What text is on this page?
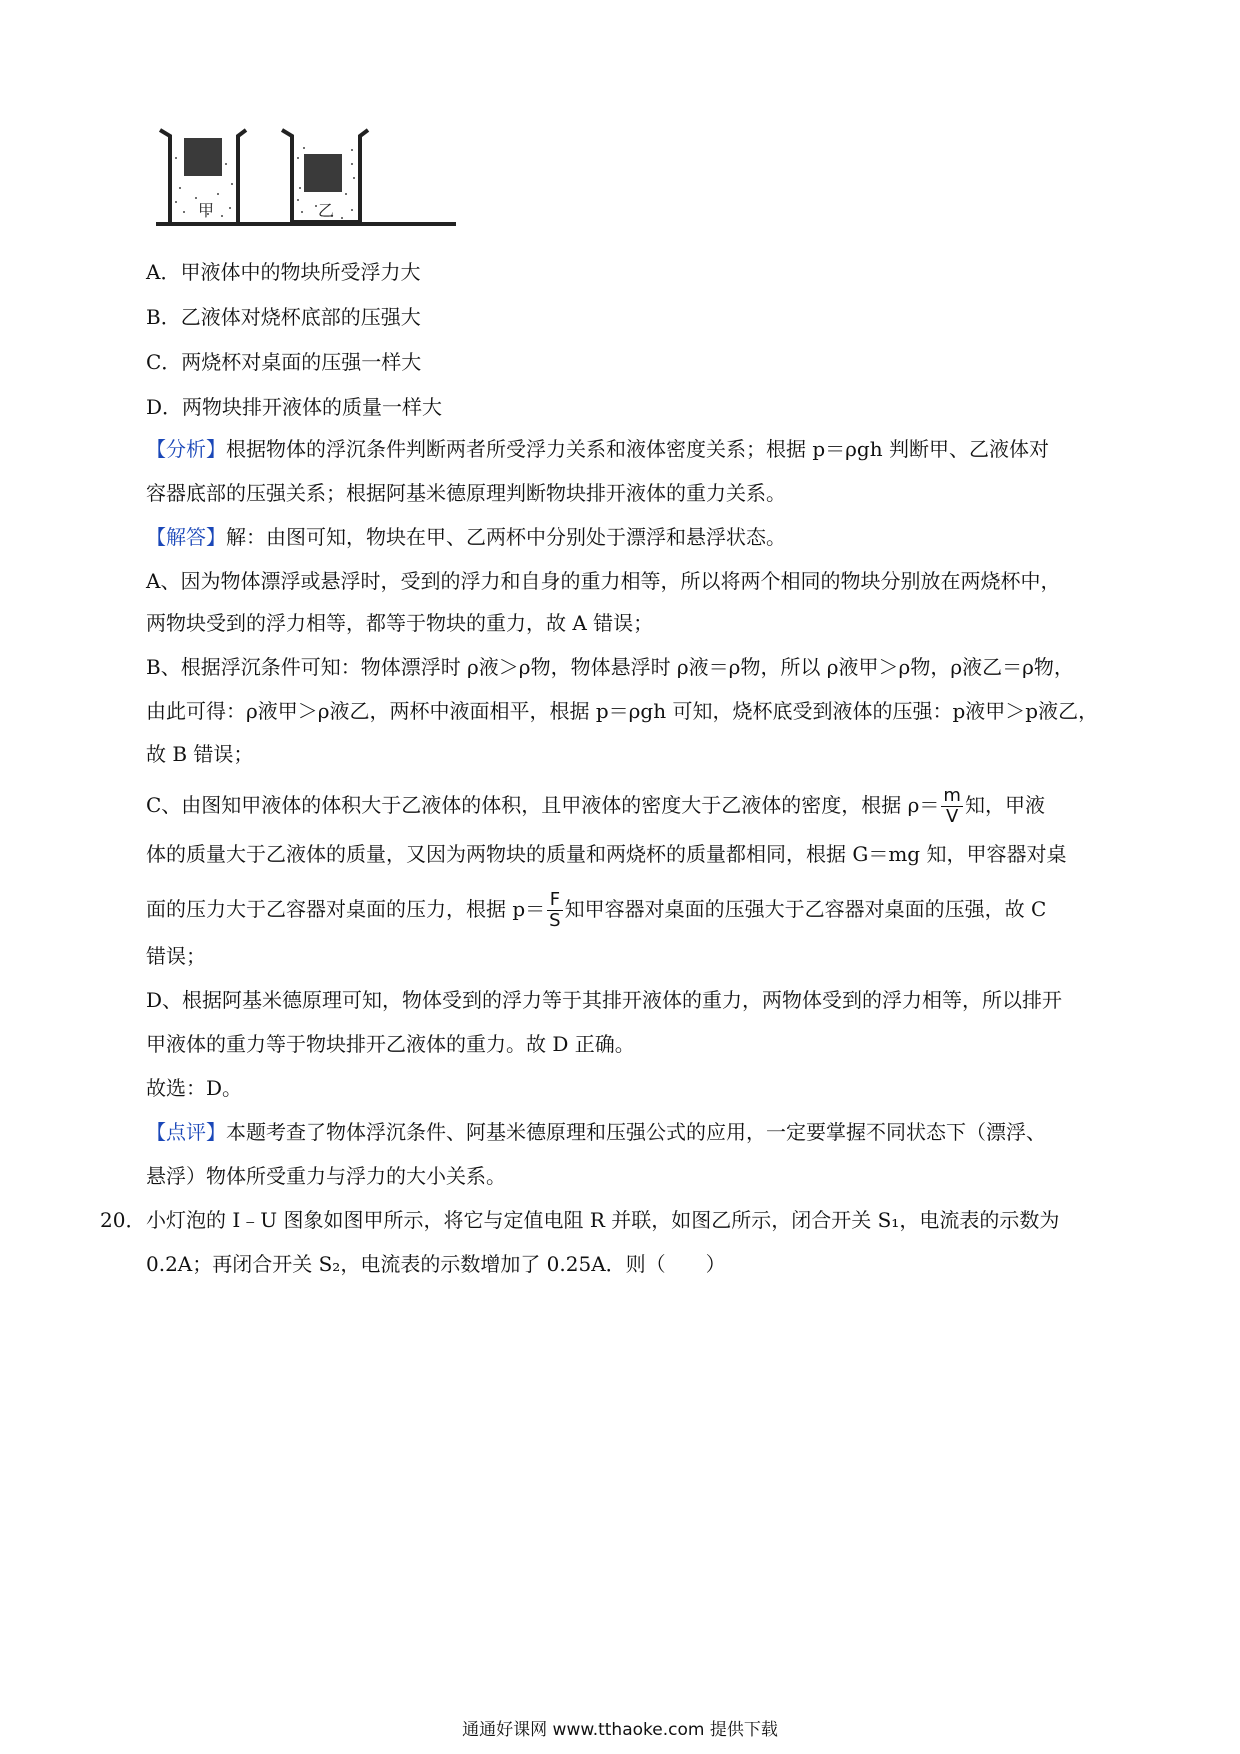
甲	乙
A．甲液体中的物块所受浮力大
B．乙液体对烧杯底部的压强大
C．两烧杯对桌面的压强一样大
D．两物块排开液体的质量一样大
【分析】根据物体的浮沉条件判断两者所受浮力关系和液体密度关系；根据 p＝ρgh 判断甲、乙液体对
容器底部的压强关系；根据阿基米德原理判断物块排开液体的重力关系。
【解答】解：由图可知，物块在甲、乙两杯中分别处于漂浮和悬浮状态。
A、因为物体漂浮或悬浮时，受到的浮力和自身的重力相等，所以将两个相同的物块分别放在两烧杯中，
两物块受到的浮力相等，都等于物块的重力，故 A 错误；
B、根据浮沉条件可知：物体漂浮时 ρ液＞ρ物，物体悬浮时 ρ液＝ρ物，所以 ρ液甲＞ρ物，ρ液乙＝ρ物，
由此可得：ρ液甲＞ρ液乙，两杯中液面相平，根据 p＝ρgh 可知，烧杯底受到液体的压强：p液甲＞p液乙，
故 B 错误；
C、由图知甲液体的体积大于乙液体的体积，且甲液体的密度大于乙液体的密度，根据 $\rho= \frac{m}{V}$ 知，甲液
体的质量大于乙液体的质量，又因为两物块的质量和两烧杯的质量都相同，根据 G＝mg 知，甲容器对桌
面的压力大于乙容器对桌面的压力，根据 $p= \frac{F}{S}$ 知甲容器对桌面的压强大于乙容器对桌面的压强，故 C
错误；
D、根据阿基米德原理可知，物体受到的浮力等于其排开液体的重力，两物体受到的浮力相等，所以排开
甲液体的重力等于物块排开乙液体的重力。故 D 正确。
故选：D。
【点评】本题考查了物体浮沉条件、阿基米德原理和压强公式的应用，一定要掌握不同状态下（漂浮、
悬浮）物体所受重力与浮力的大小关系。
20． 小灯泡的 I﹣U 图象如图甲所示，将它与定值电阻 R 并联，如图乙所示，闭合开关 S₁，电流表的示数为
0.2A；再闭合开关 S₂，电流表的示数增加了 0.25A．则（　　）
通通好课网 www.tthaoke.com 提供下载
